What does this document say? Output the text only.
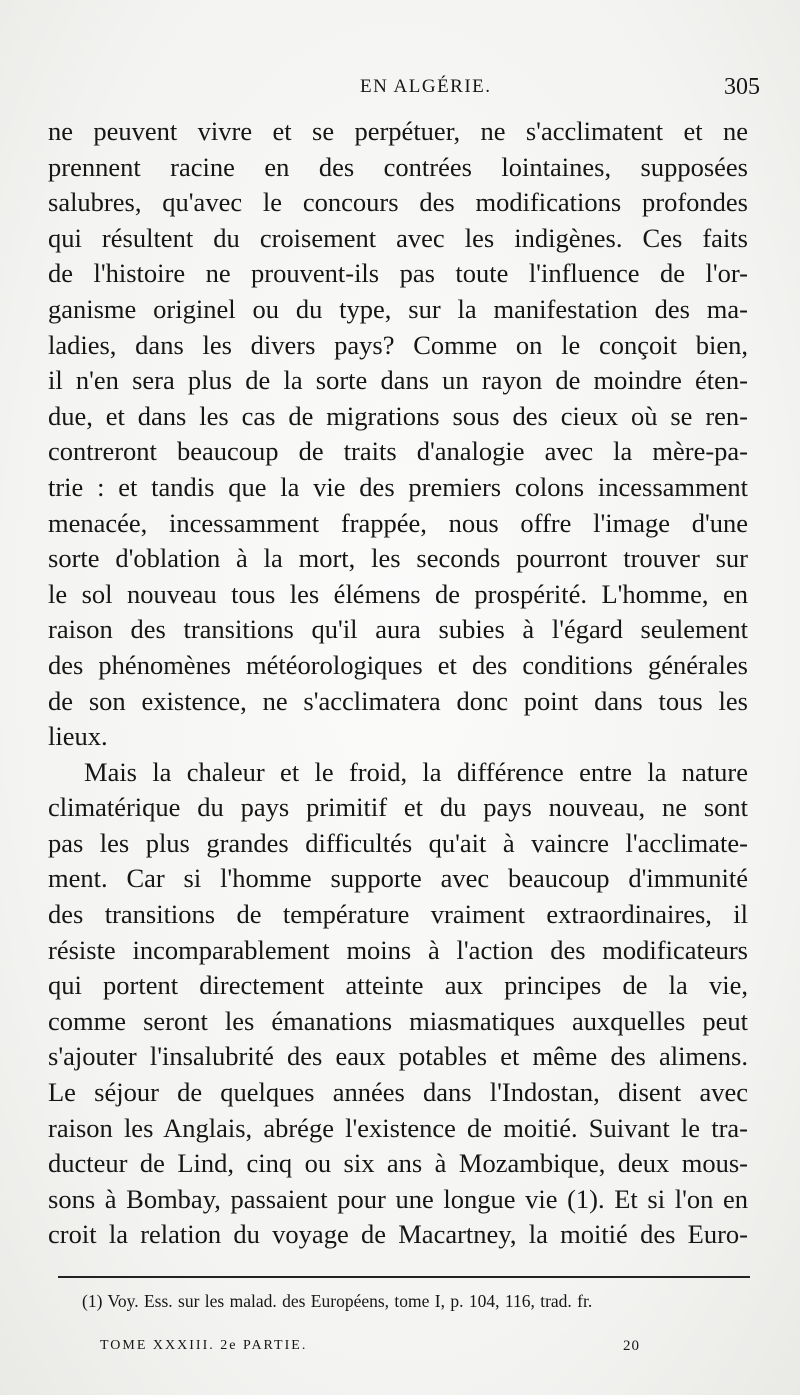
EN ALGÉRIE.	305
ne peuvent vivre et se perpétuer, ne s'acclimatent et ne
prennent racine en des contrées lointaines, supposées
salubres, qu'avec le concours des modifications profondes
qui résultent du croisement avec les indigènes. Ces faits
de l'histoire ne prouvent-ils pas toute l'influence de l'or-
ganisme originel ou du type, sur la manifestation des ma-
ladies, dans les divers pays? Comme on le conçoit bien,
il n'en sera plus de la sorte dans un rayon de moindre éten-
due, et dans les cas de migrations sous des cieux où se ren-
contreront beaucoup de traits d'analogie avec la mère-pa-
trie : et tandis que la vie des premiers colons incessamment
menacée, incessamment frappée, nous offre l'image d'une
sorte d'oblation à la mort, les seconds pourront trouver sur
le sol nouveau tous les élémens de prospérité. L'homme, en
raison des transitions qu'il aura subies à l'égard seulement
des phénomènes météorologiques et des conditions générales
de son existence, ne s'acclimatera donc point dans tous les
lieux.
Mais la chaleur et le froid, la différence entre la nature
climatérique du pays primitif et du pays nouveau, ne sont
pas les plus grandes difficultés qu'ait à vaincre l'acclimate-
ment. Car si l'homme supporte avec beaucoup d'immunité
des transitions de température vraiment extraordinaires, il
résiste incomparablement moins à l'action des modificateurs
qui portent directement atteinte aux principes de la vie,
comme seront les émanations miasmatiques auxquelles peut
s'ajouter l'insalubrité des eaux potables et même des alimens.
Le séjour de quelques années dans l'Indostan, disent avec
raison les Anglais, abrége l'existence de moitié. Suivant le tra-
ducteur de Lind, cinq ou six ans à Mozambique, deux mous-
sons à Bombay, passaient pour une longue vie (1). Et si l'on en
croit la relation du voyage de Macartney, la moitié des Euro-
(1) Voy. Ess. sur les malad. des Européens, tome I, p. 104, 116, trad. fr.
TOME XXXIII. 2e PARTIE.	20
